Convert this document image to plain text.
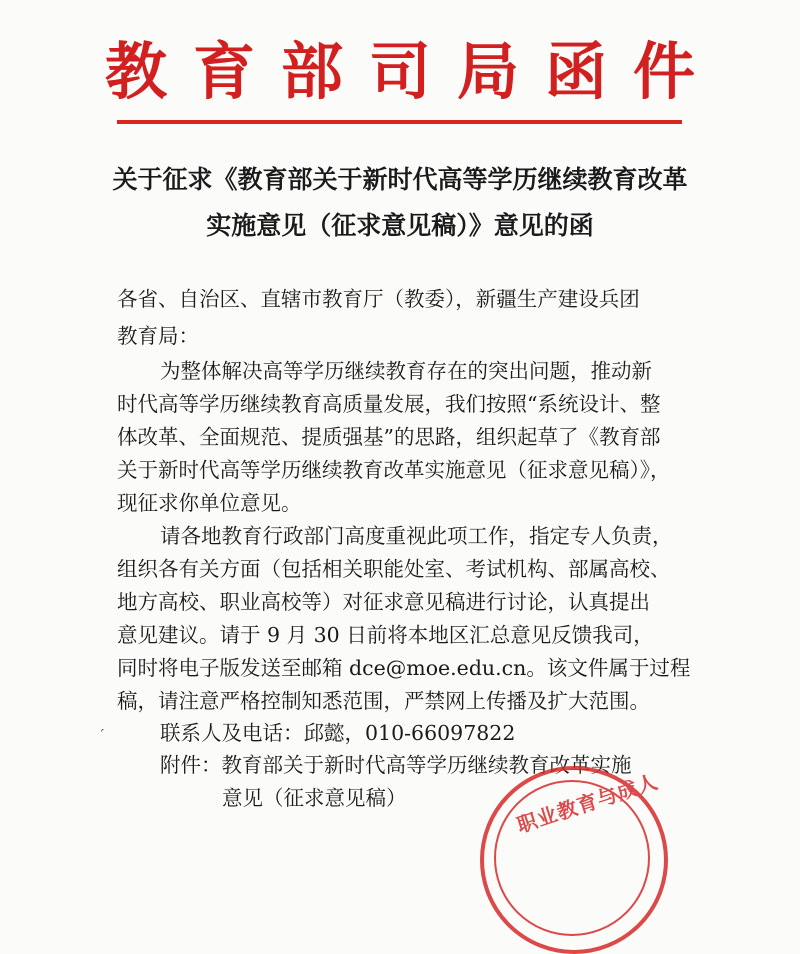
教育部司局函件
关于征求《教育部关于新时代高等学历继续教育改革
实施意见（征求意见稿）》意见的函
各省、自治区、直辖市教育厅（教委），新疆生产建设兵团
教育局：
为整体解决高等学历继续教育存在的突出问题，推动新
时代高等学历继续教育高质量发展，我们按照“系统设计、整
体改革、全面规范、提质强基”的思路，组织起草了《教育部
关于新时代高等学历继续教育改革实施意见（征求意见稿）》，
现征求你单位意见。
请各地教育行政部门高度重视此项工作，指定专人负责，
组织各有关方面（包括相关职能处室、考试机构、部属高校、
地方高校、职业高校等）对征求意见稿进行讨论，认真提出
意见建议。请于 9 月 30 日前将本地区汇总意见反馈我司，
同时将电子版发送至邮箱 dce@moe.edu.cn。该文件属于过程
稿，请注意严格控制知悉范围，严禁网上传播及扩大范围。
联系人及电话：邱懿，010-66097822
附件：教育部关于新时代高等学历继续教育改革实施
意见（征求意见稿）
ˊ
职业教育与成人
